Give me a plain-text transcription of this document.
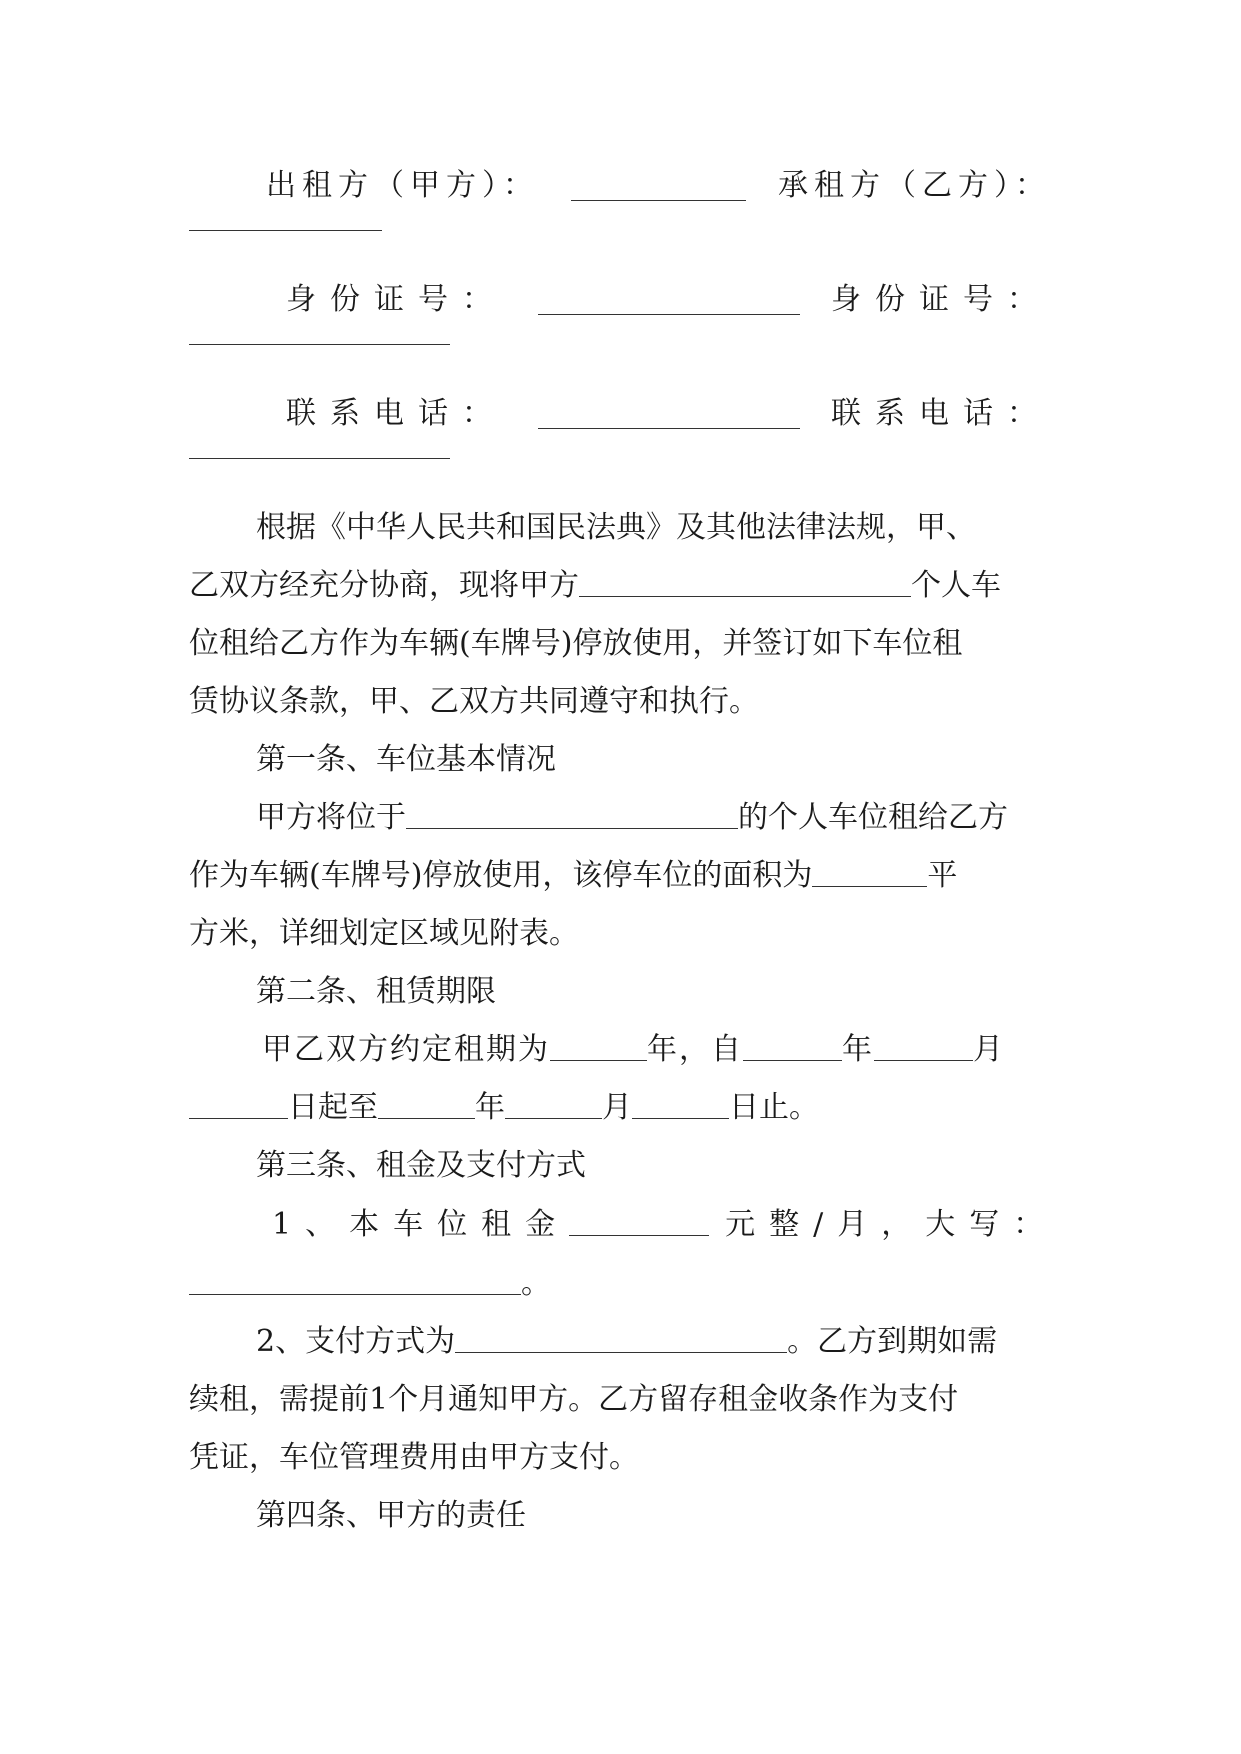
出租方（甲方）：	承租方（乙方）：
身份证号：	身份证号：
联系电话：	联系电话：
根据《中华人民共和国民法典》及其他法律法规，甲、
乙双方经充分协商，现将甲方	个人车
位租给乙方作为车辆(车牌号)停放使用，并签订如下车位租
赁协议条款，甲、乙双方共同遵守和执行。
第一条、车位基本情况
甲方将位于	的个人车位租给乙方
作为车辆(车牌号)停放使用，该停车位的面积为	平
方米，详细划定区域见附表。
第二条、租赁期限
甲乙双方约定租期为	年，自	年	月
日起至	年	月	日止。
第三条、租金及支付方式
1、本车位租金	元整/月，大写：
。
2、支付方式为	。乙方到期如需
续租，需提前1个月通知甲方。乙方留存租金收条作为支付
凭证，车位管理费用由甲方支付。
第四条、甲方的责任
